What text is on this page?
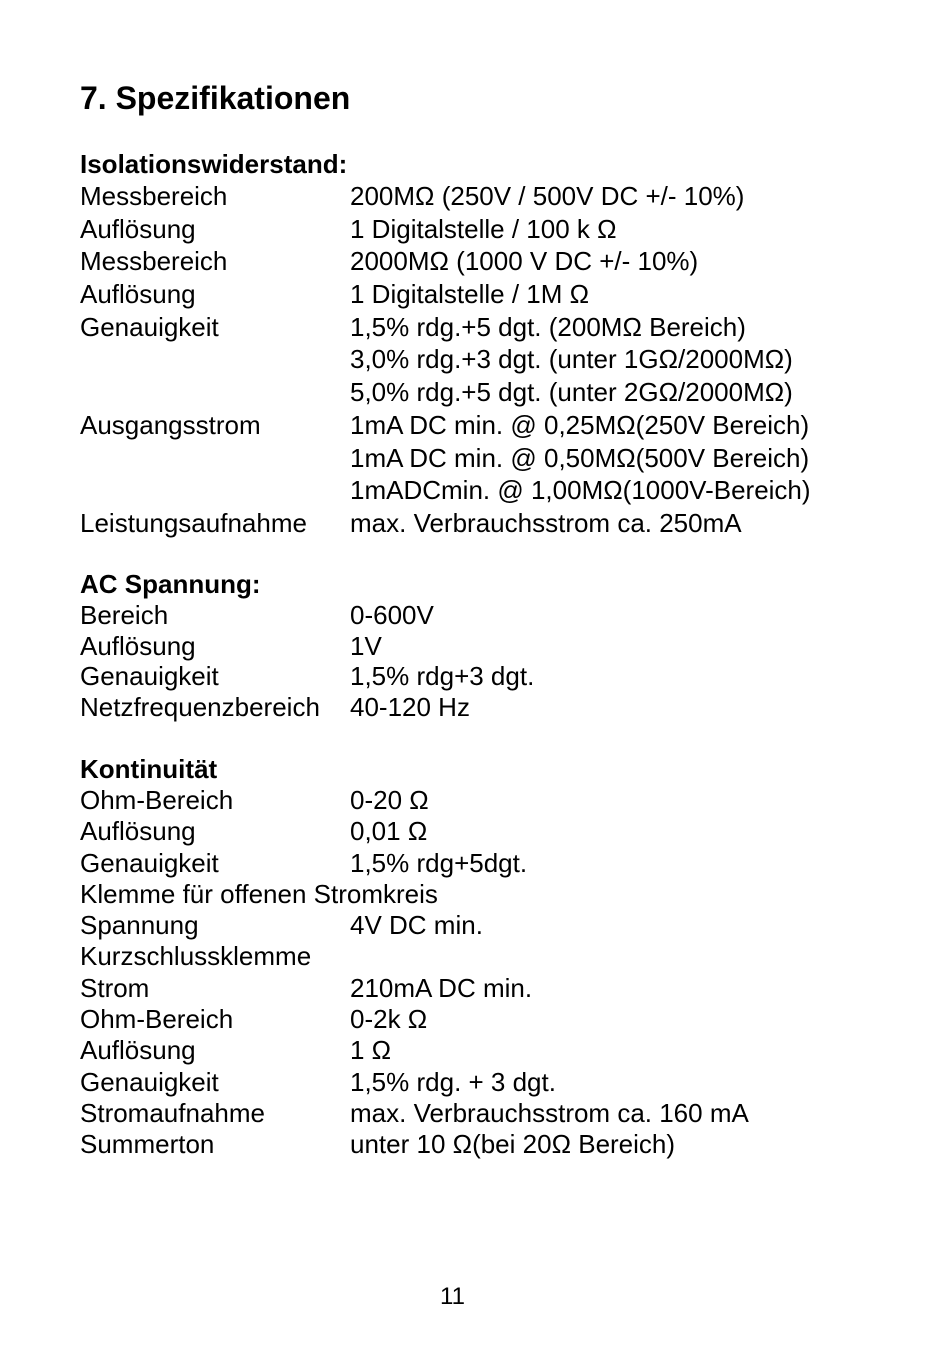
7. Spezifikationen
Isolationswiderstand:
Messbereich	200MΩ (250V / 500V DC +/- 10%)
Auflösung	1 Digitalstelle / 100 k Ω
Messbereich	2000MΩ (1000 V DC +/- 10%)
Auflösung	1 Digitalstelle / 1M Ω
Genauigkeit	1,5% rdg.+5 dgt. (200MΩ Bereich)
3,0% rdg.+3 dgt. (unter 1GΩ/2000MΩ)
5,0% rdg.+5 dgt. (unter 2GΩ/2000MΩ)
Ausgangsstrom	1mA DC min. @ 0,25MΩ(250V Bereich)
1mA DC min. @ 0,50MΩ(500V Bereich)
1mADCmin. @ 1,00MΩ(1000V-Bereich)
Leistungsaufnahme max. Verbrauchsstrom ca. 250mA
AC Spannung:
Bereich	0-600V
Auflösung	1V
Genauigkeit	1,5% rdg+3 dgt.
Netzfrequenzbereich 40-120 Hz
Kontinuität
Ohm-Bereich	0-20 Ω
Auflösung	0,01 Ω
Genauigkeit	1,5% rdg+5dgt.
Klemme für offenen Stromkreis
Spannung	4V DC min.
Kurzschlussklemme
Strom	210mA DC min.
Ohm-Bereich	0-2k Ω
Auflösung	1 Ω
Genauigkeit	1,5% rdg. + 3 dgt.
Stromaufnahme	max. Verbrauchsstrom ca. 160 mA
Summerton	unter 10 Ω(bei 20Ω Bereich)
11
